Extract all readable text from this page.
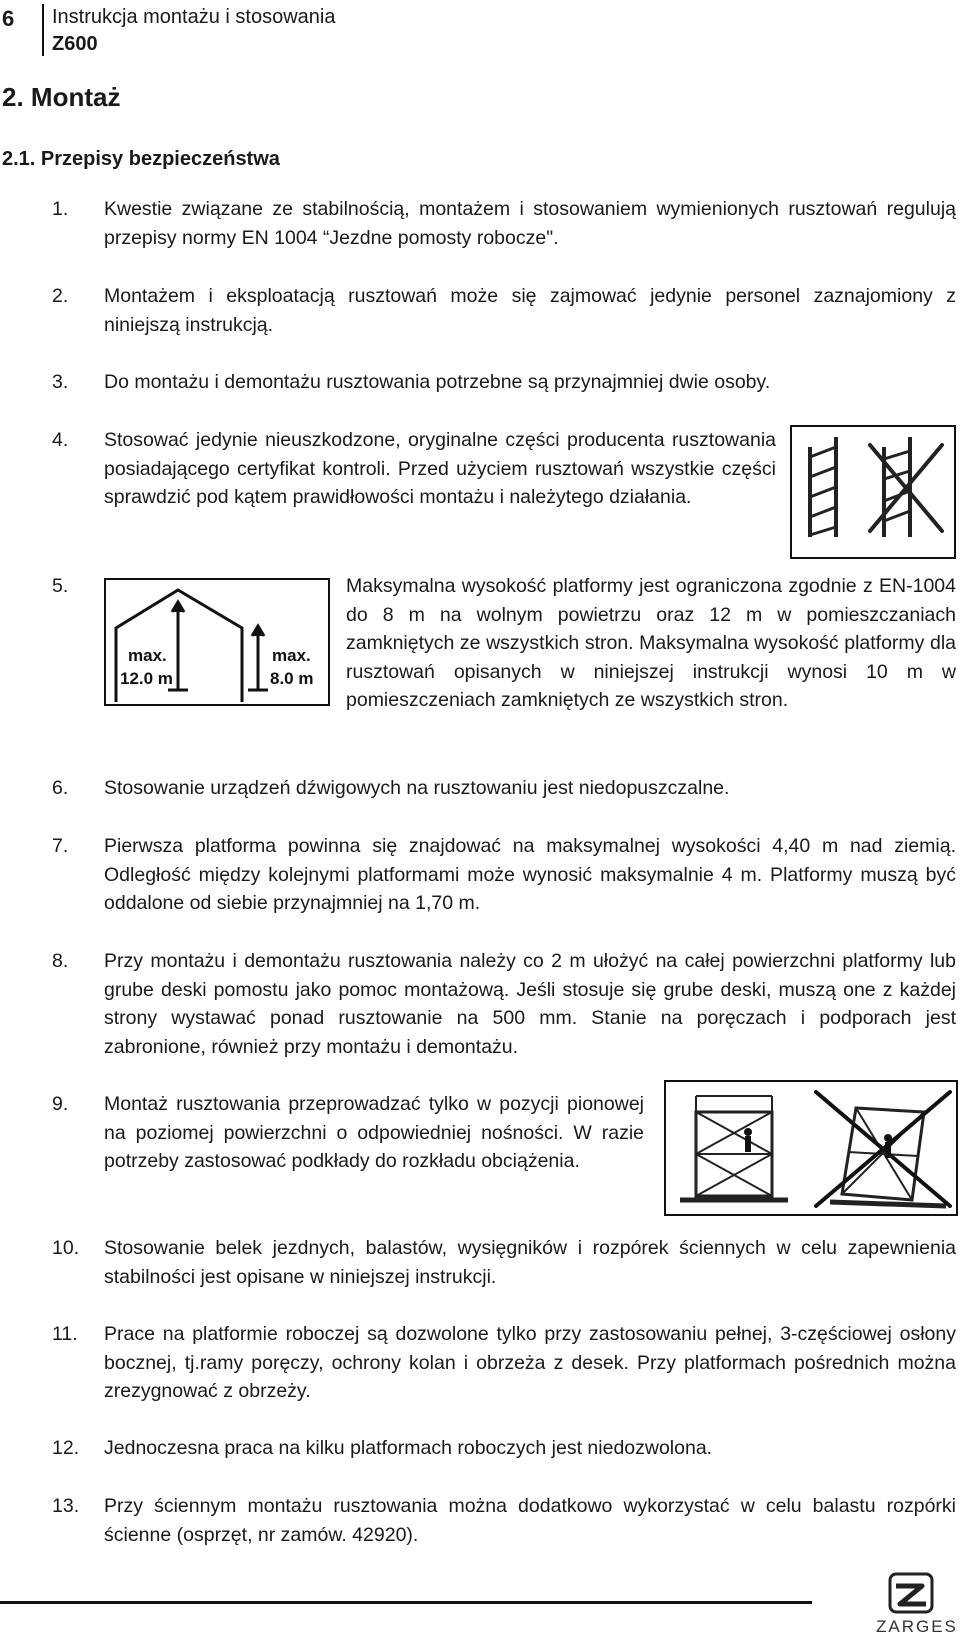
6 Instrukcja montażu i stosowania
Z600
2. Montaż
2.1. Przepisy bezpieczeństwa
1.	Kwestie związane ze stabilnością, montażem i stosowaniem wymienionych rusztowań regulują przepisy normy EN 1004 “Jezdne pomosty robocze".
2.	Montażem i eksploatacją rusztowań może się zajmować jedynie personel zaznajomiony z niniejszą instrukcją.
3.	Do montażu i demontażu rusztowania potrzebne są przynajmniej dwie osoby.
4.	Stosować jedynie nieuszkodzone, oryginalne części producenta rusztowania posiadającego certyfikat kontroli. Przed użyciem rusztowań wszystkie części sprawdzić pod kątem prawidłowości montażu i należytego działania.
5.
max.
12.0 m
max.
8.0 m
Maksymalna wysokość platformy jest ograniczona zgodnie z EN-1004 do 8 m na wolnym powietrzu oraz 12 m w pomieszczaniach zamkniętych ze wszystkich stron. Maksymalna wysokość platformy dla rusztowań opisanych w niniejszej instrukcji wynosi 10 m w pomieszczeniach zamkniętych ze wszystkich stron.
6.	Stosowanie urządzeń dźwigowych na rusztowaniu jest niedopuszczalne.
7.	Pierwsza platforma powinna się znajdować na maksymalnej wysokości 4,40 m nad ziemią. Odległość między kolejnymi platformami może wynosić maksymalnie 4 m. Platformy muszą być oddalone od siebie przynajmniej na 1,70 m.
8.	Przy montażu i demontażu rusztowania należy co 2 m ułożyć na całej powierzchni platformy lub grube deski pomostu jako pomoc montażową. Jeśli stosuje się grube deski, muszą one z każdej strony wystawać ponad rusztowanie na 500 mm. Stanie na poręczach i podporach jest zabronione, również przy montażu i demontażu.
9.	Montaż rusztowania przeprowadzać tylko w pozycji pionowej na poziomej powierzchni o odpowiedniej nośności. W razie potrzeby zastosować podkłady do rozkładu obciążenia.
10.	Stosowanie belek jezdnych, balastów, wysięgników i rozpórek ściennych w celu zapewnienia stabilności jest opisane w niniejszej instrukcji.
11.	Prace na platformie roboczej są dozwolone tylko przy zastosowaniu pełnej, 3-częściowej osłony bocznej, tj.ramy poręczy, ochrony kolan i obrzeża z desek. Przy platformach pośrednich można zrezygnować z obrzeży.
12.	Jednoczesna praca na kilku platformach roboczych jest niedozwolona.
13.	Przy ściennym montażu rusztowania można dodatkowo wykorzystać w celu balastu rozpórki ścienne (osprzęt, nr zamów. 42920).
ZARGES
